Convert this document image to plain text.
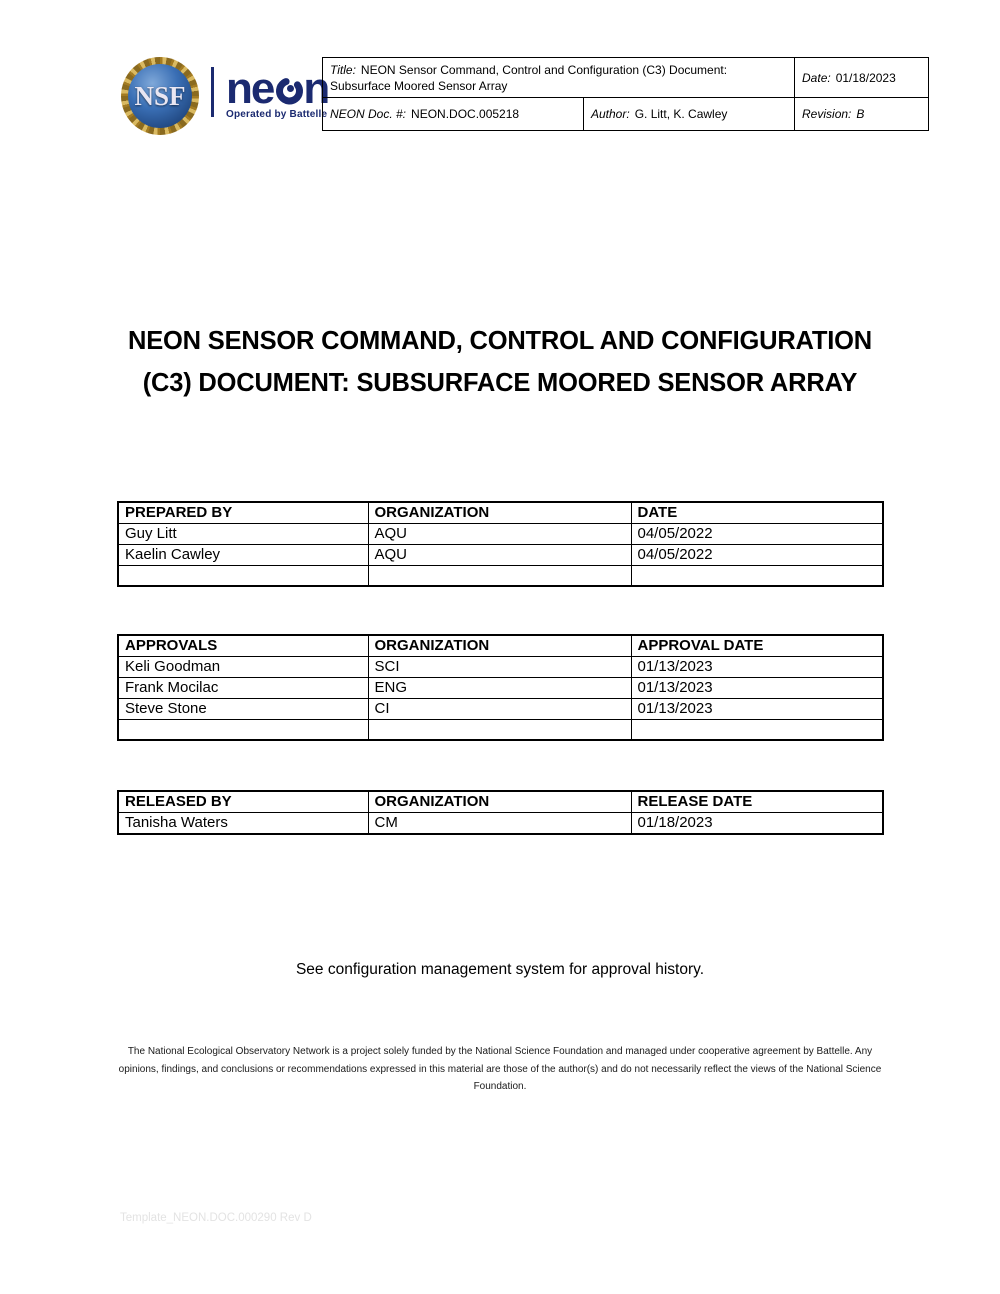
NSF ne n
Operated by Battelle
Title: NEON Sensor Command, Control and Configuration (C3) Document: Subsurface Moored Sensor Array		Date: 01/18/2023
NEON Doc. #: NEON.DOC.005218	Author: G. Litt, K. Cawley	Revision: B
NEON SENSOR COMMAND, CONTROL AND CONFIGURATION
(C3) DOCUMENT: SUBSURFACE MOORED SENSOR ARRAY
PREPARED BY	ORGANIZATION	DATE
Guy Litt	AQU	04/05/2022
Kaelin Cawley	AQU	04/05/2022

APPROVALS	ORGANIZATION	APPROVAL DATE
Keli Goodman	SCI	01/13/2023
Frank Mocilac	ENG	01/13/2023
Steve Stone	CI	01/13/2023

RELEASED BY	ORGANIZATION	RELEASE DATE
Tanisha Waters	CM	01/18/2023

See configuration management system for approval history.

The National Ecological Observatory Network is a project solely funded by the National Science Foundation and managed under cooperative agreement by Battelle. Any opinions, findings, and conclusions or recommendations expressed in this material are those of the author(s) and do not necessarily reflect the views of the National Science Foundation.

Template_NEON.DOC.000290 Rev D
